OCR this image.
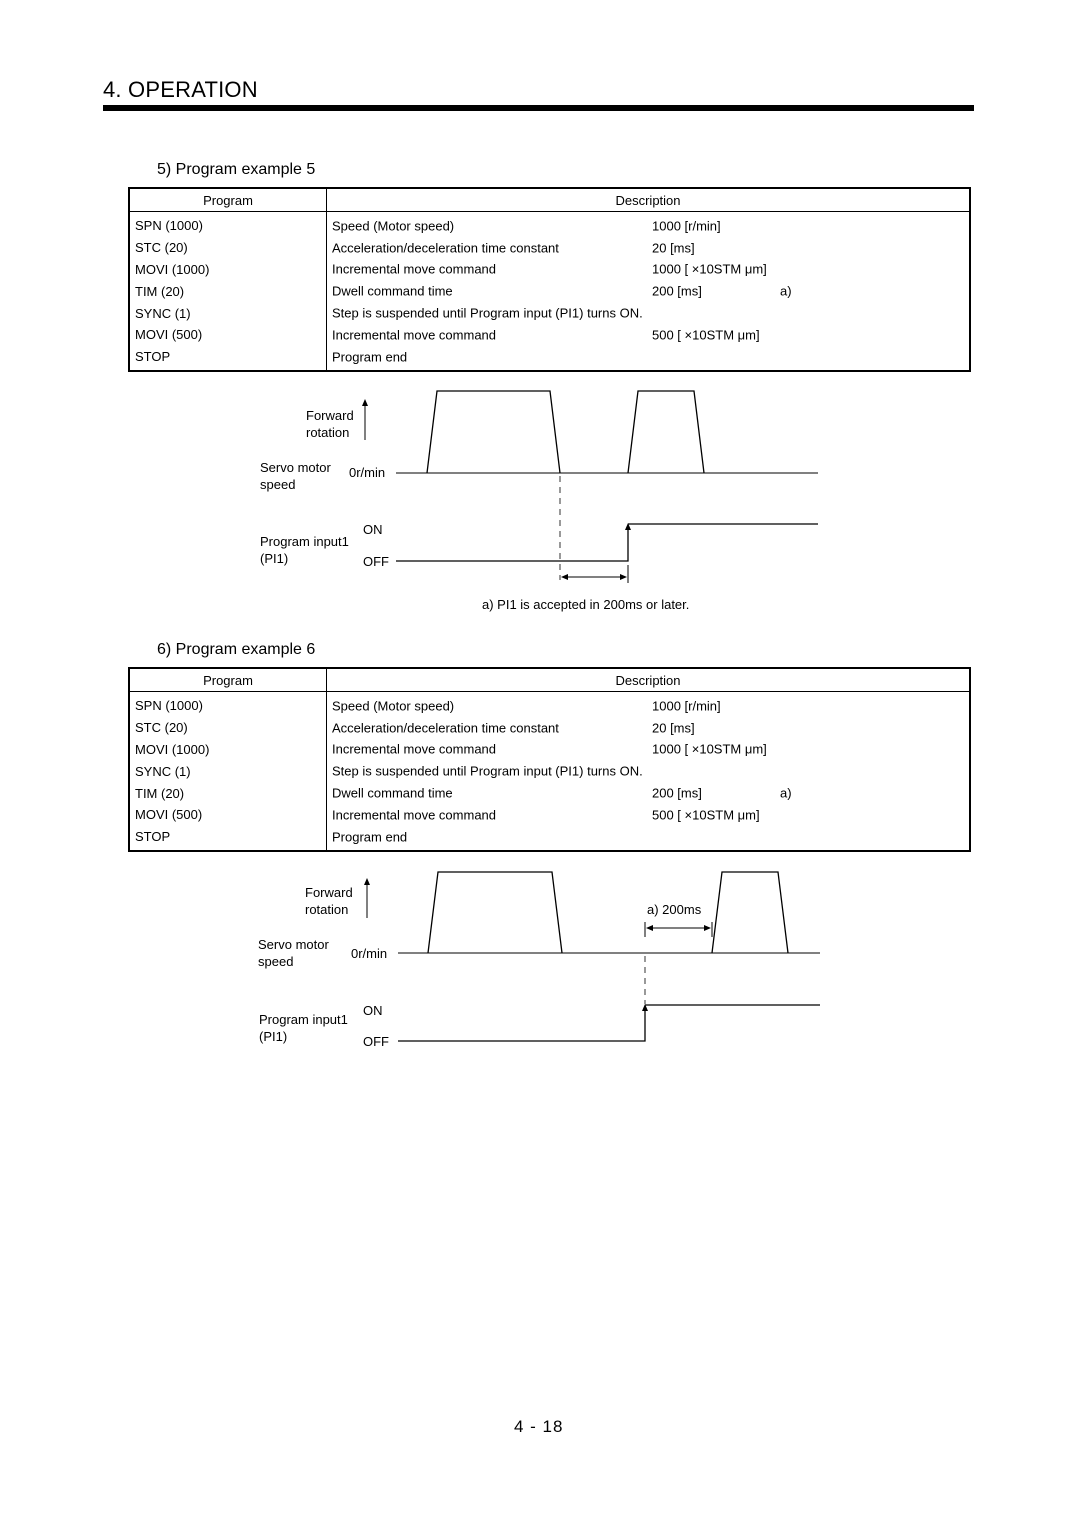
4. OPERATION
5) Program example 5
Program	Description
SPN (1000)	Speed (Motor speed) 1000 [r/min]

STC (20)	Acceleration/deceleration time constant 20 [ms]

MOVI (1000)	Incremental move command 1000 [ ×10STM μm]

TIM (20)	Dwell command time 200 [ms] a)

SYNC (1)	Step is suspended until Program input (PI1) turns ON.

MOVI (500)	Incremental move command 500 [ ×10STM μm]

STOP	Program end
Forward
rotation
Servo motor
speed
0r/min
ON
Program input1
(PI1)	OFF
a) PI1 is accepted in 200ms or later.
6) Program example 6
Program	Description
SPN (1000)	Speed (Motor speed) 1000 [r/min]

STC (20)	Acceleration/deceleration time constant 20 [ms]

MOVI (1000)	Incremental move command 1000 [ ×10STM μm]

SYNC (1)	Step is suspended until Program input (PI1) turns ON.

TIM (20)	Dwell command time 200 [ms] a)

MOVI (500)	Incremental move command 500 [ ×10STM μm]

STOP	Program end
Forward
rotation
Servo motor
speed
0r/min
a) 200ms
ON
Program input1
(PI1)	OFF
4 - 18
